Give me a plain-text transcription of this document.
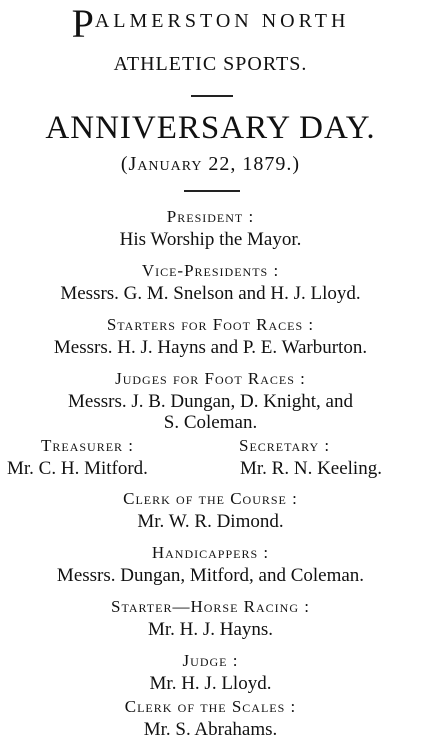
PALMERSTON NORTH
ATHLETIC SPORTS.
ANNIVERSARY DAY.
(January 22, 1879.)
President :
His Worship the Mayor.
Vice-Presidents :
Messrs. G. M. Snelson and H. J. Lloyd.
Starters for Foot Races :
Messrs. H. J. Hayns and P. E. Warburton.
Judges for Foot Races :
Messrs. J. B. Dungan, D. Knight, and
S. Coleman.
Treasurer :	Secretary :
Mr. C. H. Mitford.	Mr. R. N. Keeling.
Clerk of the Course :
Mr. W. R. Dimond.
Handicappers :
Messrs. Dungan, Mitford, and Coleman.
Starter—Horse Racing :
Mr. H. J. Hayns.
Judge :
Mr. H. J. Lloyd.
Clerk of the Scales :
Mr. S. Abrahams.
